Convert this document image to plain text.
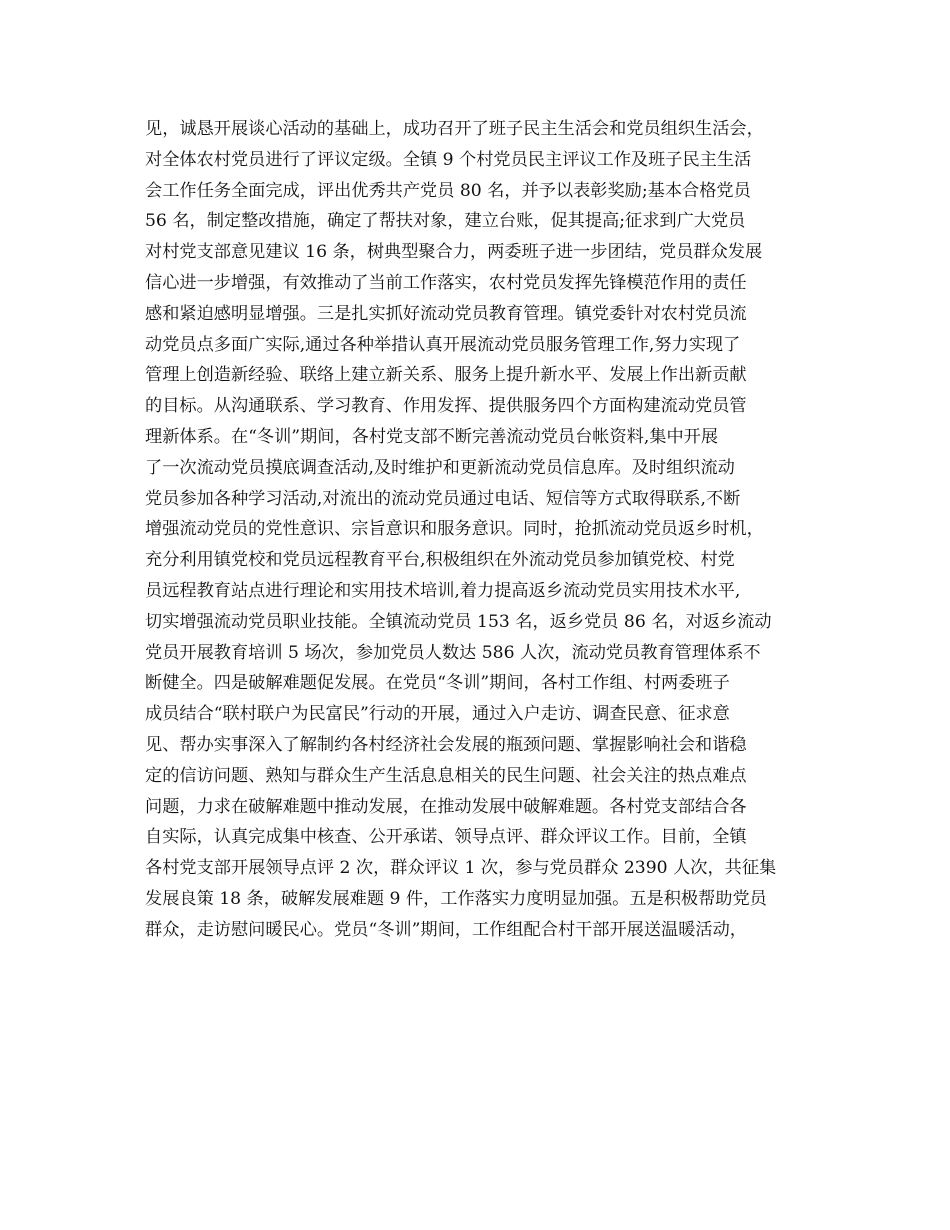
见，诚恳开展谈心活动的基础上，成功召开了班子民主生活会和党员组织生活会，
对全体农村党员进行了评议定级。全镇 9 个村党员民主评议工作及班子民主生活
会工作任务全面完成，评出优秀共产党员 80 名，并予以表彰奖励;基本合格党员
56 名，制定整改措施，确定了帮扶对象，建立台账，促其提高;征求到广大党员
对村党支部意见建议 16 条，树典型聚合力，两委班子进一步团结，党员群众发展
信心进一步增强，有效推动了当前工作落实，农村党员发挥先锋模范作用的责任
感和紧迫感明显增强。三是扎实抓好流动党员教育管理。镇党委针对农村党员流
动党员点多面广实际,通过各种举措认真开展流动党员服务管理工作,努力实现了
管理上创造新经验、联络上建立新关系、服务上提升新水平、发展上作出新贡献
的目标。从沟通联系、学习教育、作用发挥、提供服务四个方面构建流动党员管
理新体系。在“冬训”期间，各村党支部不断完善流动党员台帐资料,集中开展
了一次流动党员摸底调查活动,及时维护和更新流动党员信息库。及时组织流动
党员参加各种学习活动,对流出的流动党员通过电话、短信等方式取得联系,不断
增强流动党员的党性意识、宗旨意识和服务意识。同时，抢抓流动党员返乡时机，
充分利用镇党校和党员远程教育平台,积极组织在外流动党员参加镇党校、村党
员远程教育站点进行理论和实用技术培训,着力提高返乡流动党员实用技术水平,
切实增强流动党员职业技能。全镇流动党员 153 名，返乡党员 86 名，对返乡流动
党员开展教育培训 5 场次，参加党员人数达 586 人次，流动党员教育管理体系不
断健全。四是破解难题促发展。在党员“冬训”期间，各村工作组、村两委班子
成员结合“联村联户为民富民”行动的开展，通过入户走访、调查民意、征求意
见、帮办实事深入了解制约各村经济社会发展的瓶颈问题、掌握影响社会和谐稳
定的信访问题、熟知与群众生产生活息息相关的民生问题、社会关注的热点难点
问题，力求在破解难题中推动发展，在推动发展中破解难题。各村党支部结合各
自实际，认真完成集中核查、公开承诺、领导点评、群众评议工作。目前，全镇
各村党支部开展领导点评 2 次，群众评议 1 次，参与党员群众 2390 人次，共征集
发展良策 18 条，破解发展难题 9 件，工作落实力度明显加强。五是积极帮助党员
群众，走访慰问暖民心。党员“冬训”期间，工作组配合村干部开展送温暖活动，
